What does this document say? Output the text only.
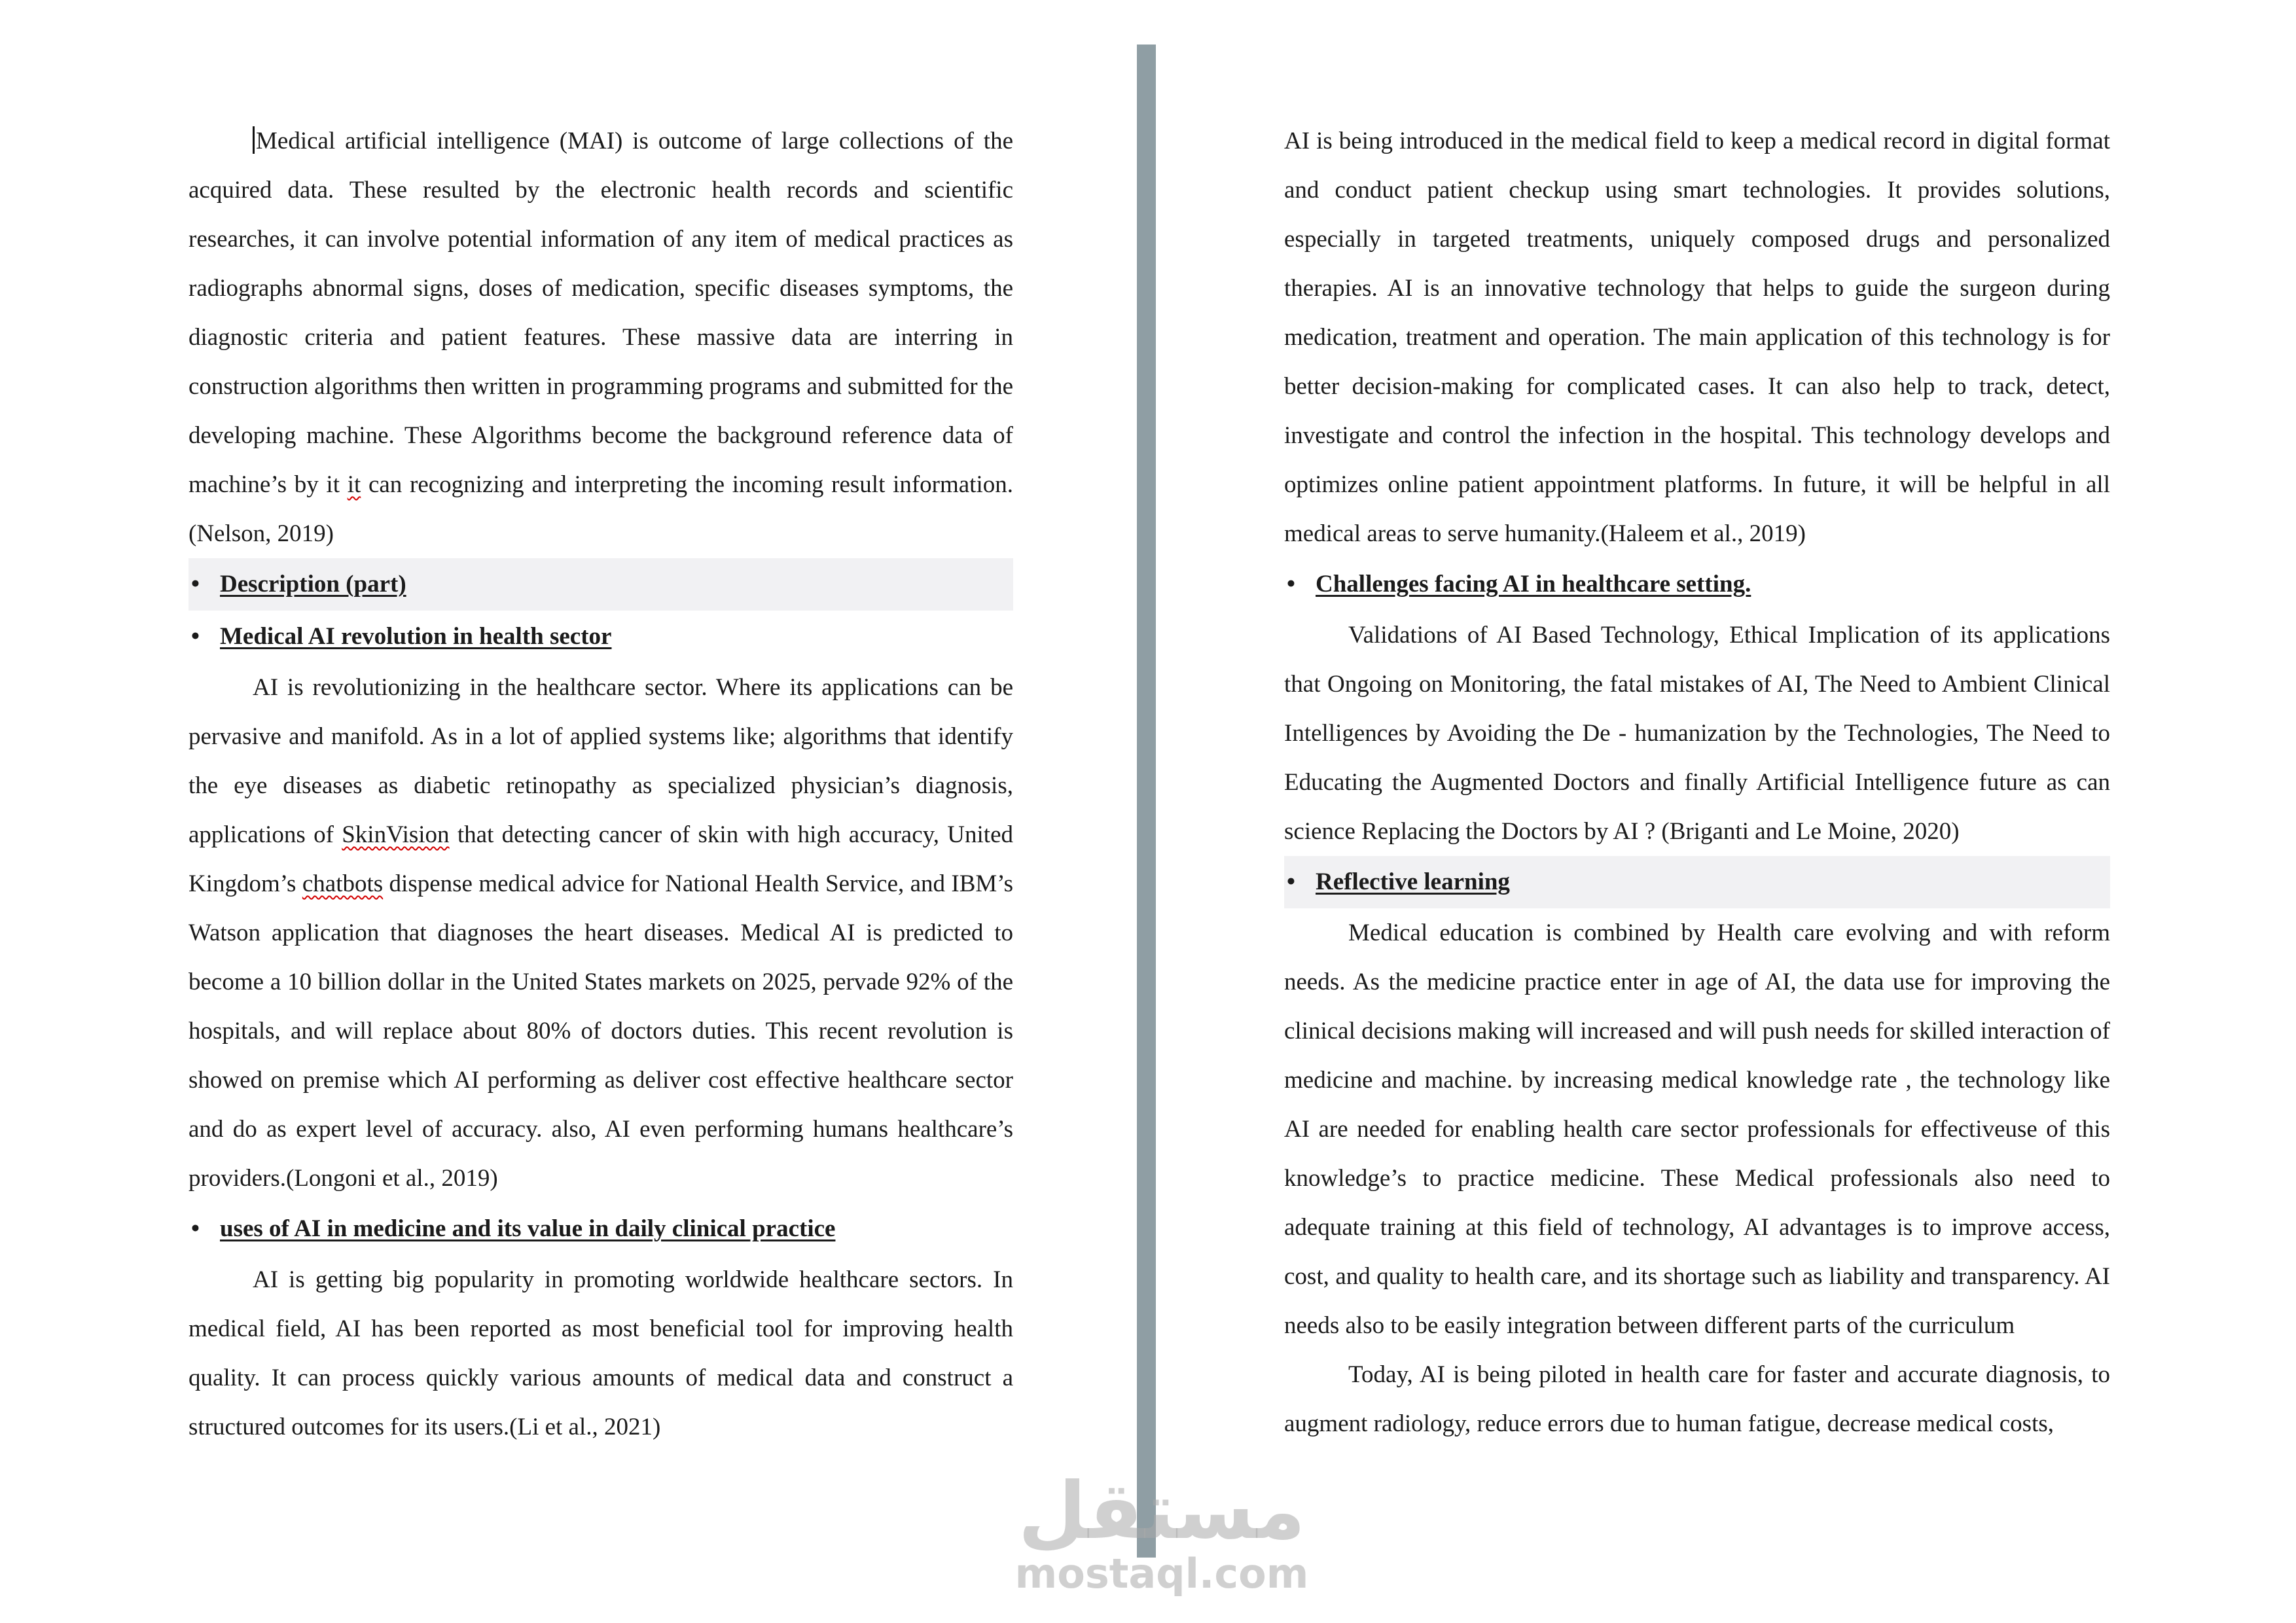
Medical artificial intelligence (MAI) is outcome of large collections of the acquired data. These resulted by the electronic health records and scientific researches, it can involve potential information of any item of medical practices as radiographs abnormal signs, doses of medication, specific diseases symptoms, the diagnostic criteria and patient features. These massive data are interring in construction algorithms then written in programming programs and submitted for the developing machine. These Algorithms become the background reference data of machine’s by it it can recognizing and interpreting the incoming result information.(Nelson, 2019)

• Description (part)
• Medical AI revolution in health sector

AI is revolutionizing in the healthcare sector. Where its applications can be pervasive and manifold. As in a lot of applied systems like; algorithms that identify the eye diseases as diabetic retinopathy as specialized physician’s diagnosis, applications of SkinVision that detecting cancer of skin with high accuracy, United Kingdom’s chatbots dispense medical advice for National Health Service, and IBM’s Watson application that diagnoses the heart diseases. Medical AI is predicted to become a 10 billion dollar in the United States markets on 2025, pervade 92% of the hospitals, and will replace about 80% of doctors duties. This recent revolution is showed on premise which AI performing as deliver cost effective healthcare sector and do as expert level of accuracy. also, AI even performing humans healthcare’s providers.(Longoni et al., 2019)

• uses of AI in medicine and its value in daily clinical practice

AI is getting big popularity in promoting worldwide healthcare sectors. In medical field, AI has been reported as most beneficial tool for improving health quality. It can process quickly various amounts of medical data and construct a structured outcomes for its users.(Li et al., 2021)

AI is being introduced in the medical field to keep a medical record in digital format and conduct patient checkup using smart technologies. It provides solutions, especially in targeted treatments, uniquely composed drugs and personalized therapies. AI is an innovative technology that helps to guide the surgeon during medication, treatment and operation. The main application of this technology is for better decision-making for complicated cases. It can also help to track, detect, investigate and control the infection in the hospital. This technology develops and optimizes online patient appointment platforms. In future, it will be helpful in all medical areas to serve humanity.(Haleem et al., 2019)

• Challenges facing AI in healthcare setting.

Validations of AI Based Technology, Ethical Implication of its applications that Ongoing on Monitoring, the fatal mistakes of AI, The Need to Ambient Clinical Intelligences by Avoiding the De - humanization by the Technologies, The Need to Educating the Augmented Doctors and finally Artificial Intelligence future as can science Replacing the Doctors by AI ? (Briganti and Le Moine, 2020)

• Reflective learning

Medical education is combined by Health care evolving and with reform needs. As the medicine practice enter in age of AI, the data use for improving the clinical decisions making will increased and will push needs for skilled interaction of medicine and machine. by increasing medical knowledge rate , the technology like AI are needed for enabling health care sector professionals for effectiveuse of this knowledge’s to practice medicine. These Medical professionals also need to adequate training at this field of technology, AI advantages is to improve access, cost, and quality to health care, and its shortage such as liability and transparency. AI needs also to be easily integration between different parts of the curriculum

Today, AI is being piloted in health care for faster and accurate diagnosis, to augment radiology, reduce errors due to human fatigue, decrease medical costs,

مستقل
mostaql.com
